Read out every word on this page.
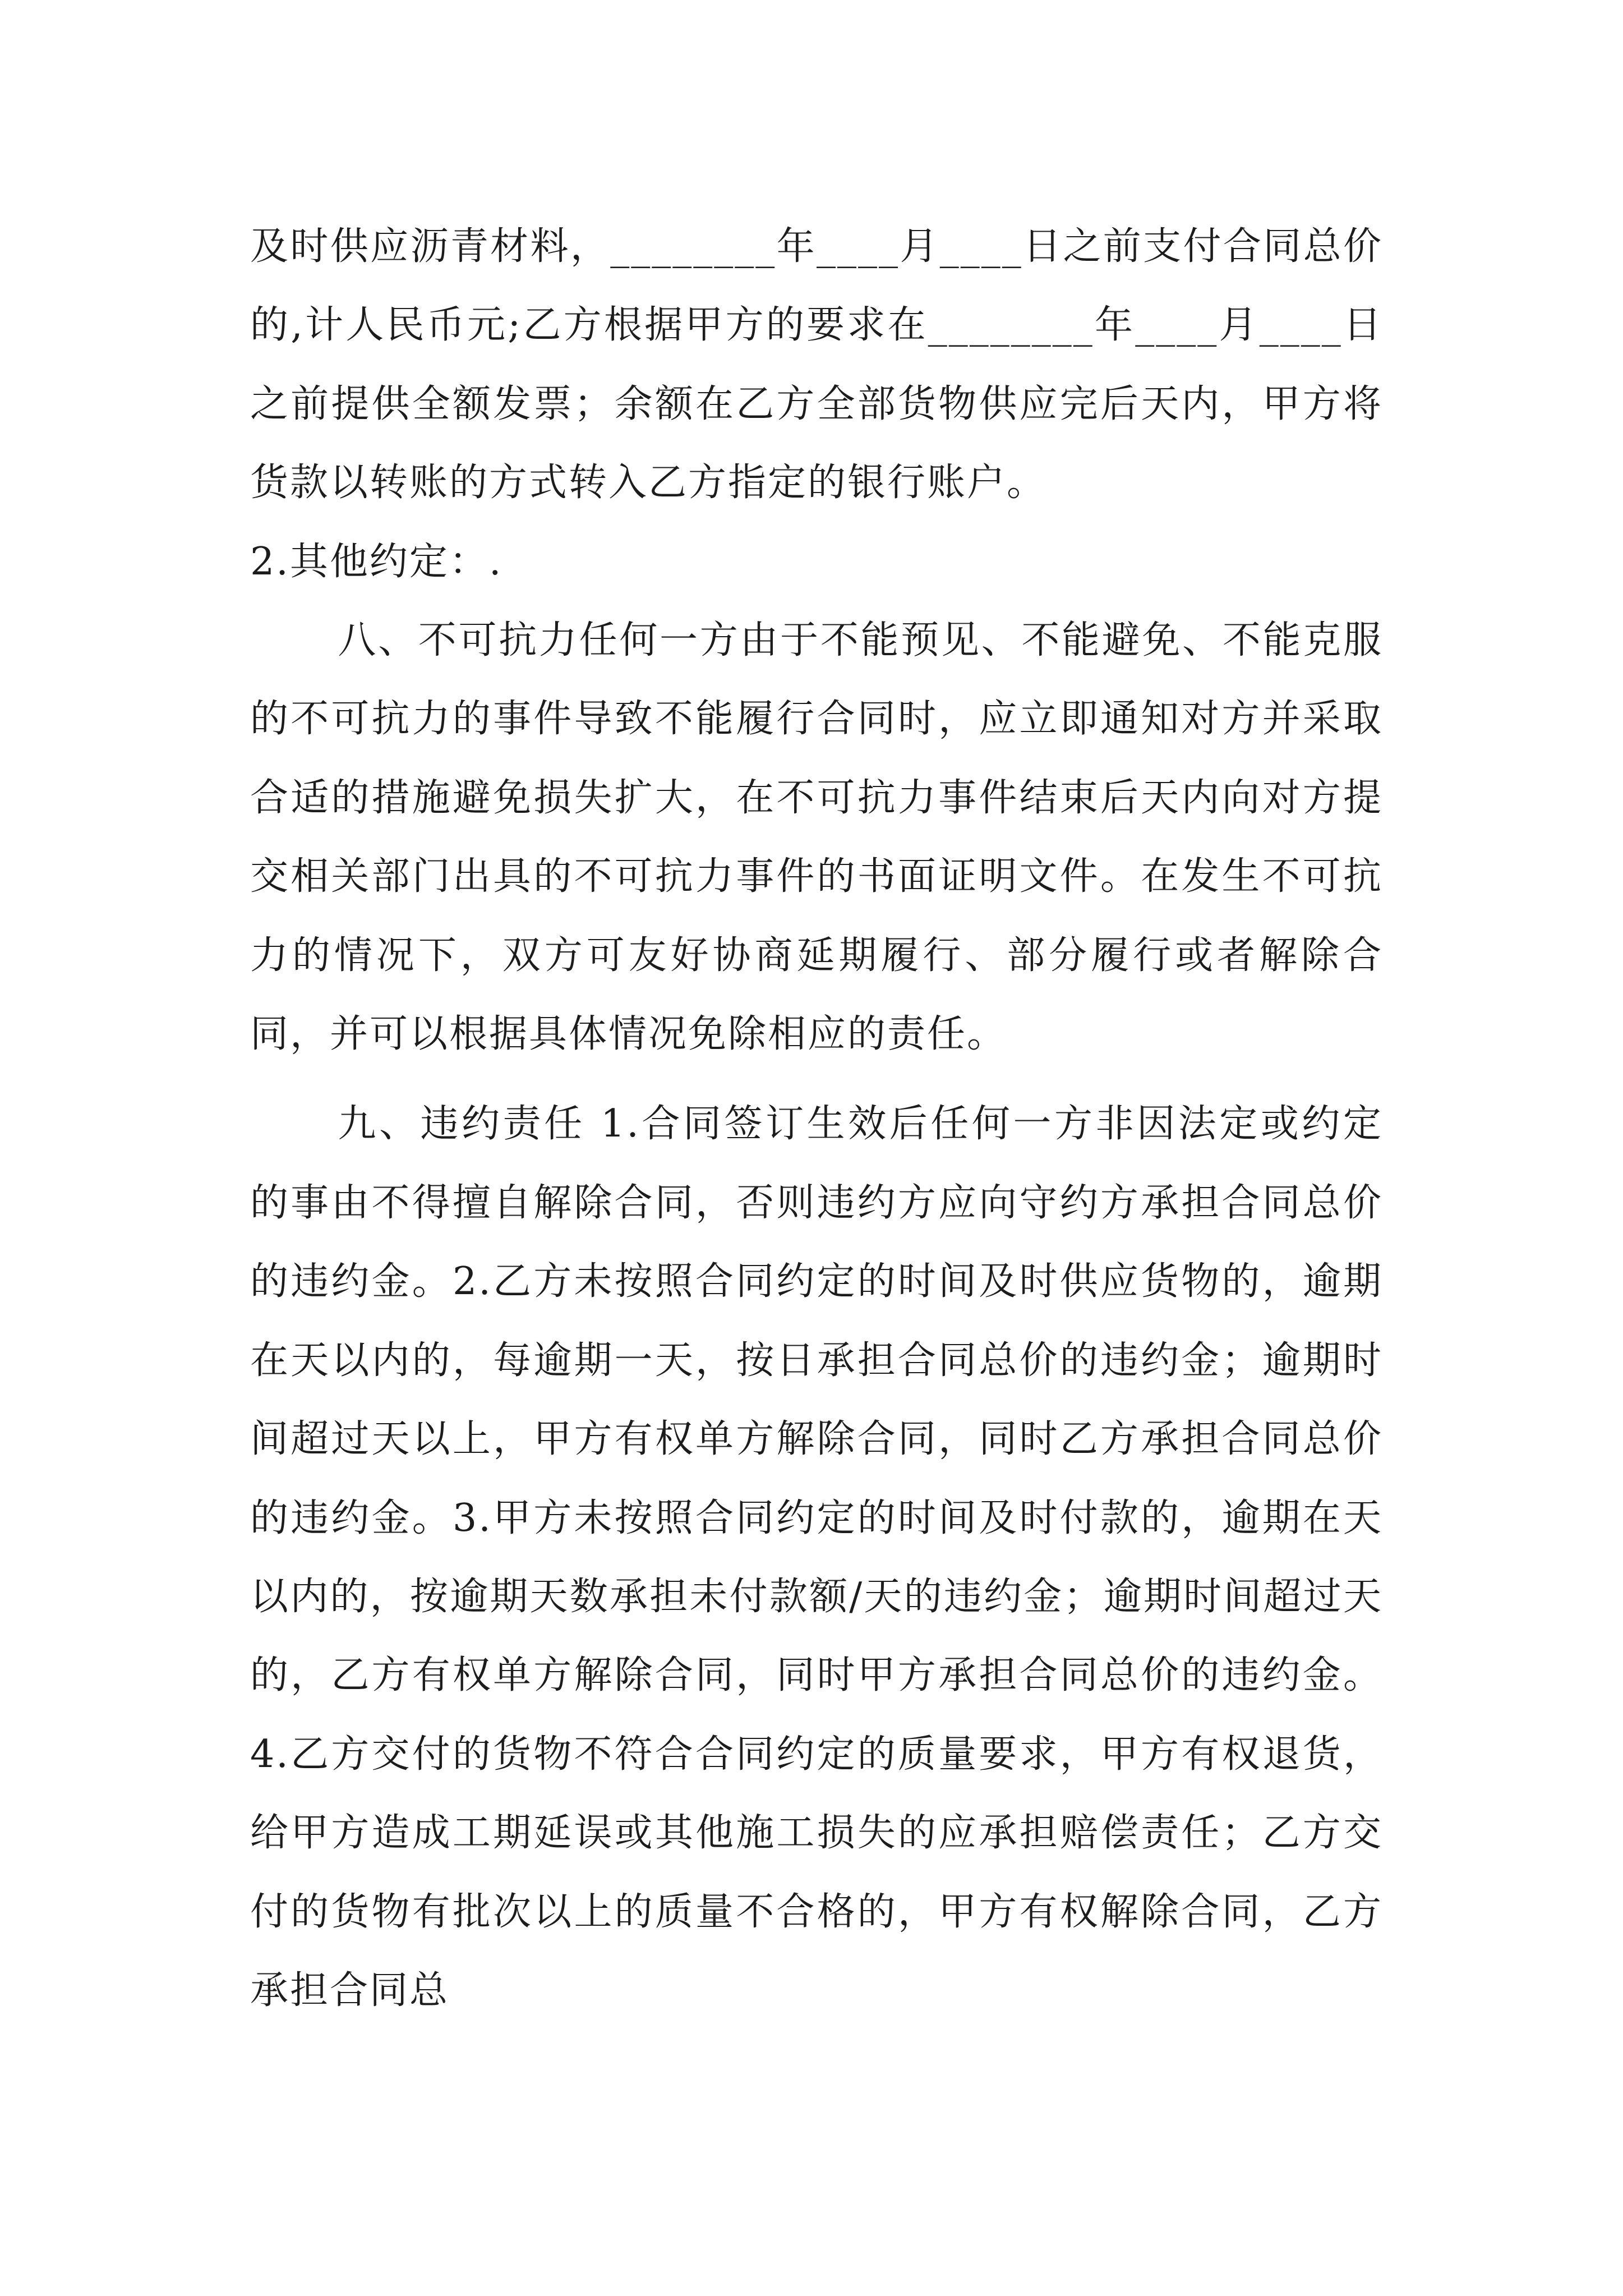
及时供应沥青材料，________年____月____日之前支付合同总价的,计人民币元;乙方根据甲方的要求在________年____月____日之前提供全额发票；余额在乙方全部货物供应完后天内，甲方将货款以转账的方式转入乙方指定的银行账户。

2.其他约定：.

八、不可抗力任何一方由于不能预见、不能避免、不能克服的不可抗力的事件导致不能履行合同时，应立即通知对方并采取合适的措施避免损失扩大，在不可抗力事件结束后天内向对方提交相关部门出具的不可抗力事件的书面证明文件。在发生不可抗力的情况下，双方可友好协商延期履行、部分履行或者解除合同，并可以根据具体情况免除相应的责任。

九、违约责任 1.合同签订生效后任何一方非因法定或约定的事由不得擅自解除合同，否则违约方应向守约方承担合同总价的违约金。2.乙方未按照合同约定的时间及时供应货物的，逾期在天以内的，每逾期一天，按日承担合同总价的违约金；逾期时间超过天以上，甲方有权单方解除合同，同时乙方承担合同总价的违约金。3.甲方未按照合同约定的时间及时付款的，逾期在天以内的，按逾期天数承担未付款额/天的违约金；逾期时间超过天的，乙方有权单方解除合同，同时甲方承担合同总价的违约金。4.乙方交付的货物不符合合同约定的质量要求，甲方有权退货，给甲方造成工期延误或其他施工损失的应承担赔偿责任；乙方交付的货物有批次以上的质量不合格的，甲方有权解除合同，乙方承担合同总
